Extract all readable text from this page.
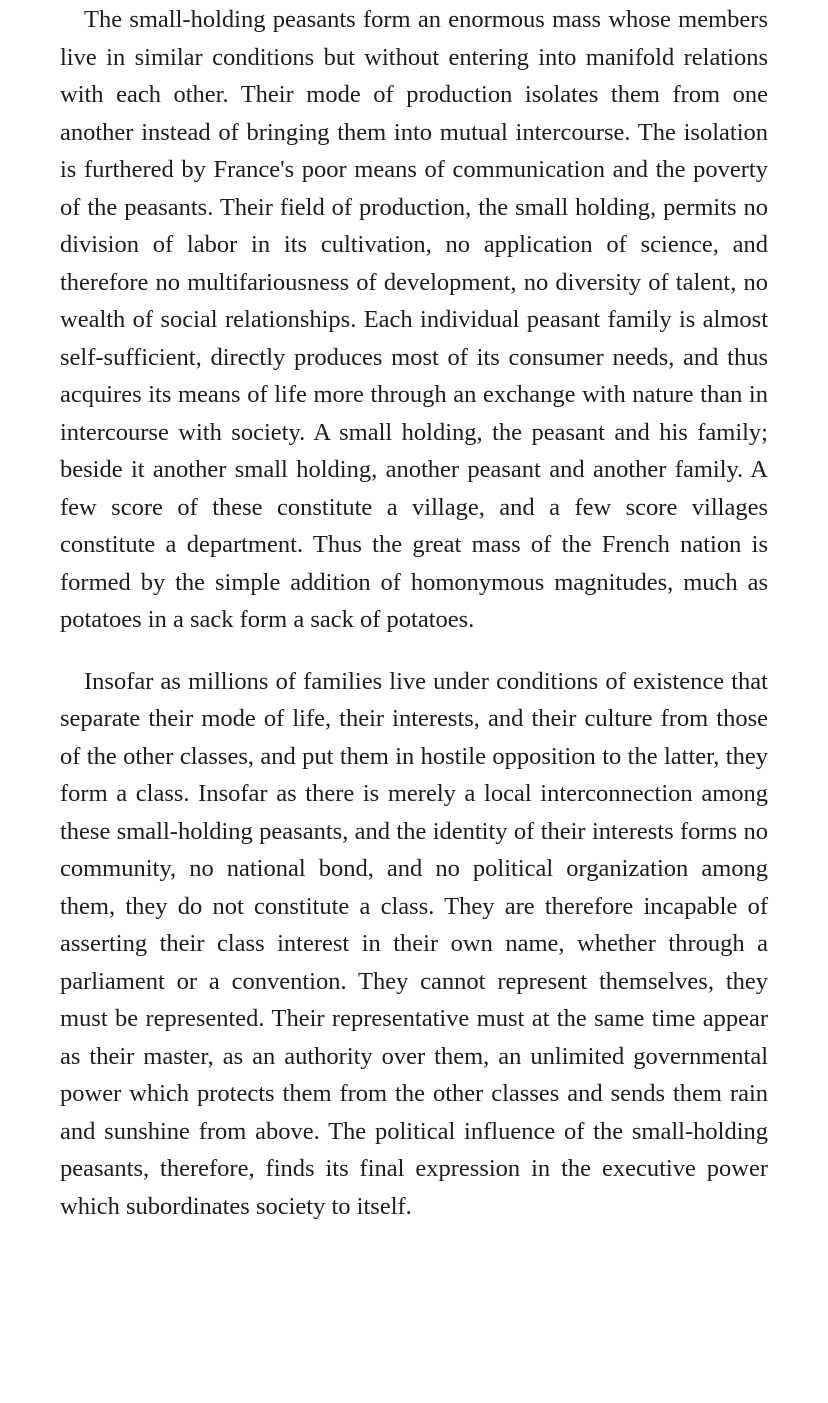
The small-holding peasants form an enormous mass whose members live in similar conditions but without entering into manifold relations with each other. Their mode of production isolates them from one another instead of bringing them into mutual intercourse. The isolation is furthered by France's poor means of communication and the poverty of the peasants. Their field of production, the small holding, permits no division of labor in its cultivation, no application of science, and therefore no multifariousness of development, no diversity of talent, no wealth of social relationships. Each individual peasant family is almost self-sufficient, directly produces most of its consumer needs, and thus acquires its means of life more through an exchange with nature than in intercourse with society. A small holding, the peasant and his family; beside it another small holding, another peasant and another family. A few score of these constitute a village, and a few score villages constitute a department. Thus the great mass of the French nation is formed by the simple addition of homonymous magnitudes, much as potatoes in a sack form a sack of potatoes.

Insofar as millions of families live under conditions of existence that separate their mode of life, their interests, and their culture from those of the other classes, and put them in hostile opposition to the latter, they form a class. Insofar as there is merely a local interconnection among these small-holding peasants, and the identity of their interests forms no community, no national bond, and no political organization among them, they do not constitute a class. They are therefore incapable of asserting their class interest in their own name, whether through a parliament or a convention. They cannot represent themselves, they must be represented. Their representative must at the same time appear as their master, as an authority over them, an unlimited governmental power which protects them from the other classes and sends them rain and sunshine from above. The political influence of the small-holding peasants, therefore, finds its final expression in the executive power which subordinates society to itself.
